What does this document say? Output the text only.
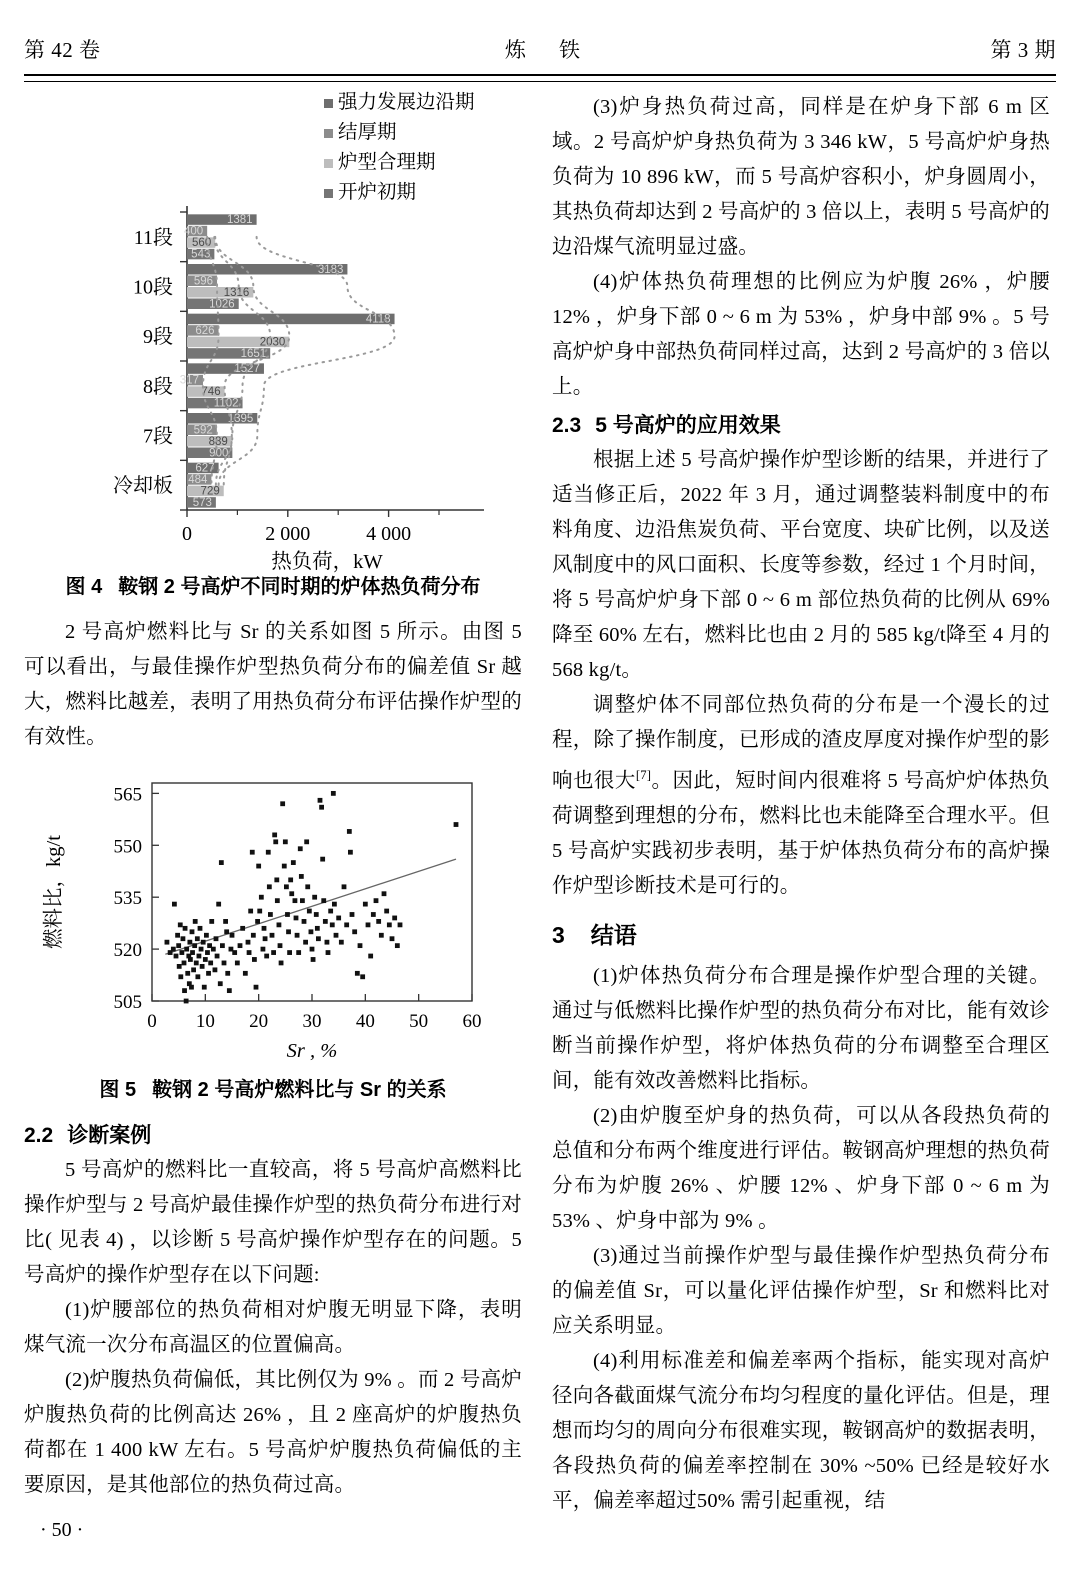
第 42 卷	炼　铁	第 3 期
0	2 000	4 000
热负荷，kW
11段
10段
9段
8段
7段
冷却板
1381
400
560
543
3183
596
1316
1026
4118
626
2030
1651
1527
317
746
1102
1395
592
889
900
627
484
729
573
强力发展边沿期
结厚期
炉型合理期
开炉初期

图 4 鞍钢 2 号高炉不同时期的炉体热负荷分布

2 号高炉燃料比与 Sr 的关系如图 5 所示。由图 5 可以看出，与最佳操作炉型热负荷分布的偏差值 Sr 越大，燃料比越差，表明了用热负荷分布评估操作炉型的有效性。

0 10 20 30 40 50 60
505
520
535
550
565
Sr , %
燃料比，kg/t

图 5 鞍钢 2 号高炉燃料比与 Sr 的关系

2.2 诊断案例

5 号高炉的燃料比一直较高，将 5 号高炉高燃料比操作炉型与 2 号高炉最佳操作炉型的热负荷分布进行对比( 见表 4) ，以诊断 5 号高炉操作炉型存在的问题。5 号高炉的操作炉型存在以下问题:

(1)炉腰部位的热负荷相对炉腹无明显下降，表明煤气流一次分布高温区的位置偏高。

(2)炉腹热负荷偏低，其比例仅为 9% 。而 2 号高炉炉腹热负荷的比例高达 26% ，且 2 座高炉的炉腹热负荷都在 1 400 kW 左右。5 号高炉炉腹热负荷偏低的主要原因，是其他部位的热负荷过高。

(3)炉身热负荷过高，同样是在炉身下部 6 m 区域。2 号高炉炉身热负荷为 3 346 kW，5 号高炉炉身热负荷为 10 896 kW，而 5 号高炉容积小，炉身圆周小，其热负荷却达到 2 号高炉的 3 倍以上，表明 5 号高炉的边沿煤气流明显过盛。

(4)炉体热负荷理想的比例应为炉腹 26% ，炉腰 12% ，炉身下部 0 ~ 6 m 为 53% ，炉身中部 9% 。5 号高炉炉身中部热负荷同样过高，达到 2 号高炉的 3 倍以上。

2.3 5 号高炉的应用效果

根据上述 5 号高炉操作炉型诊断的结果，并进行了适当修正后，2022 年 3 月，通过调整装料制度中的布料角度、边沿焦炭负荷、平台宽度、块矿比例，以及送风制度中的风口面积、长度等参数，经过 1 个月时间，将 5 号高炉炉身下部 0 ~ 6 m 部位热负荷的比例从 69% 降至 60% 左右，燃料比也由 2 月的 585 kg/t降至 4 月的 568 kg/t。

调整炉体不同部位热负荷的分布是一个漫长的过程，除了操作制度，已形成的渣皮厚度对操作炉型的影响也很大[7]。因此，短时间内很难将 5 号高炉炉体热负荷调整到理想的分布，燃料比也未能降至合理水平。但 5 号高炉实践初步表明，基于炉体热负荷分布的高炉操作炉型诊断技术是可行的。

3 结语

(1)炉体热负荷分布合理是操作炉型合理的关键。通过与低燃料比操作炉型的热负荷分布对比，能有效诊断当前操作炉型，将炉体热负荷的分布调整至合理区间，能有效改善燃料比指标。

(2)由炉腹至炉身的热负荷，可以从各段热负荷的总值和分布两个维度进行评估。鞍钢高炉理想的热负荷分布为炉腹 26% 、炉腰 12% 、炉身下部 0 ~ 6 m 为 53% 、炉身中部为 9% 。

(3)通过当前操作炉型与最佳操作炉型热负荷分布的偏差值 Sr，可以量化评估操作炉型，Sr 和燃料比对应关系明显。

(4)利用标准差和偏差率两个指标，能实现对高炉径向各截面煤气流分布均匀程度的量化评估。但是，理想而均匀的周向分布很难实现，鞍钢高炉的数据表明，各段热负荷的偏差率控制在 30% ~50% 已经是较好水平，偏差率超过50% 需引起重视，结

· 50 ·
